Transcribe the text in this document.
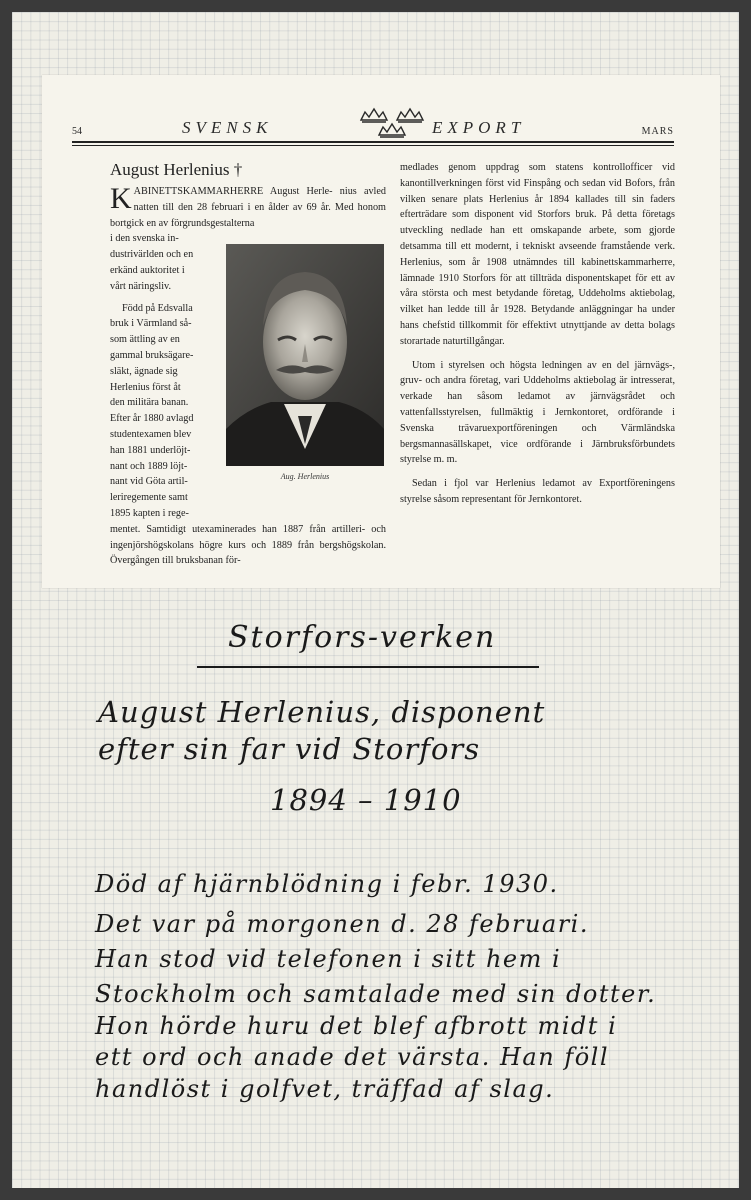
54	SVENSK	EXPORT	MARS
August Herlenius †
K ABINETTSKAMMARHERRE August Herle- nius avled natten till den 28 februari i en ålder av 69 år. Med honom bortgick en av förgrundsgestalterna
i den svenska in-
dustrivärlden och en
erkänd auktoritet i
vårt näringsliv.
Född på Edsvalla
bruk i Värmland så-
som ättling av en
gammal bruksägare-
släkt, ägnade sig
Herlenius först åt
den militära banan.
Efter år 1880 avlagd
studentexamen blev
han 1881 underlöjt-
nant och 1889 löjt-
nant vid Göta artil-
leriregemente samt
1895 kapten i rege-
mentet. Samtidigt utexaminerades han 1887 från artilleri- och ingenjörshögskolans högre kurs och 1889 från bergshögskolan. Övergången till bruksbanan för-
Aug. Herlenius
medlades genom uppdrag som statens kontrollofficer vid kanontillverkningen först vid Finspång och sedan vid Bofors, från vilken senare plats Herlenius år 1894 kallades till sin faders efterträdare som disponent vid Storfors bruk. På detta företags utveckling nedlade han ett omskapande arbete, som gjorde detsamma till ett modernt, i tekniskt avseende framstående verk. Herlenius, som år 1908 utnämndes till kabinettskammarherre, lämnade 1910 Storfors för att tillträda disponentskapet för ett av våra största och mest betydande företag, Uddeholms aktiebolag, vilket han ledde till år 1928. Betydande anläggningar ha under hans chefstid tillkommit för effektivt utnyttjande av detta bolags storartade naturtillgångar.
Utom i styrelsen och högsta ledningen av en del järnvägs-, gruv- och andra företag, vari Uddeholms aktiebolag är intresserat, verkade han såsom ledamot av järnvägsrådet och vattenfallsstyrelsen, fullmäktig i Jernkontoret, ordförande i Svenska trävaruexportföreningen och Värmländska bergsmannasällskapet, vice ordförande i Järnbruksförbundets styrelse m. m.
Sedan i fjol var Herlenius ledamot av Exportföreningens styrelse såsom representant för Jernkontoret.
Storfors-verken
August Herlenius, disponent
efter sin far vid Storfors
1894 – 1910
Död af hjärnblödning i febr. 1930.
Det var på morgonen d. 28 februari.
Han stod vid telefonen i sitt hem i
Stockholm och samtalade med sin dotter.
Hon hörde huru det blef afbrott midt i
ett ord och anade det värsta. Han föll
handlöst i golfvet, träffad af slag.
